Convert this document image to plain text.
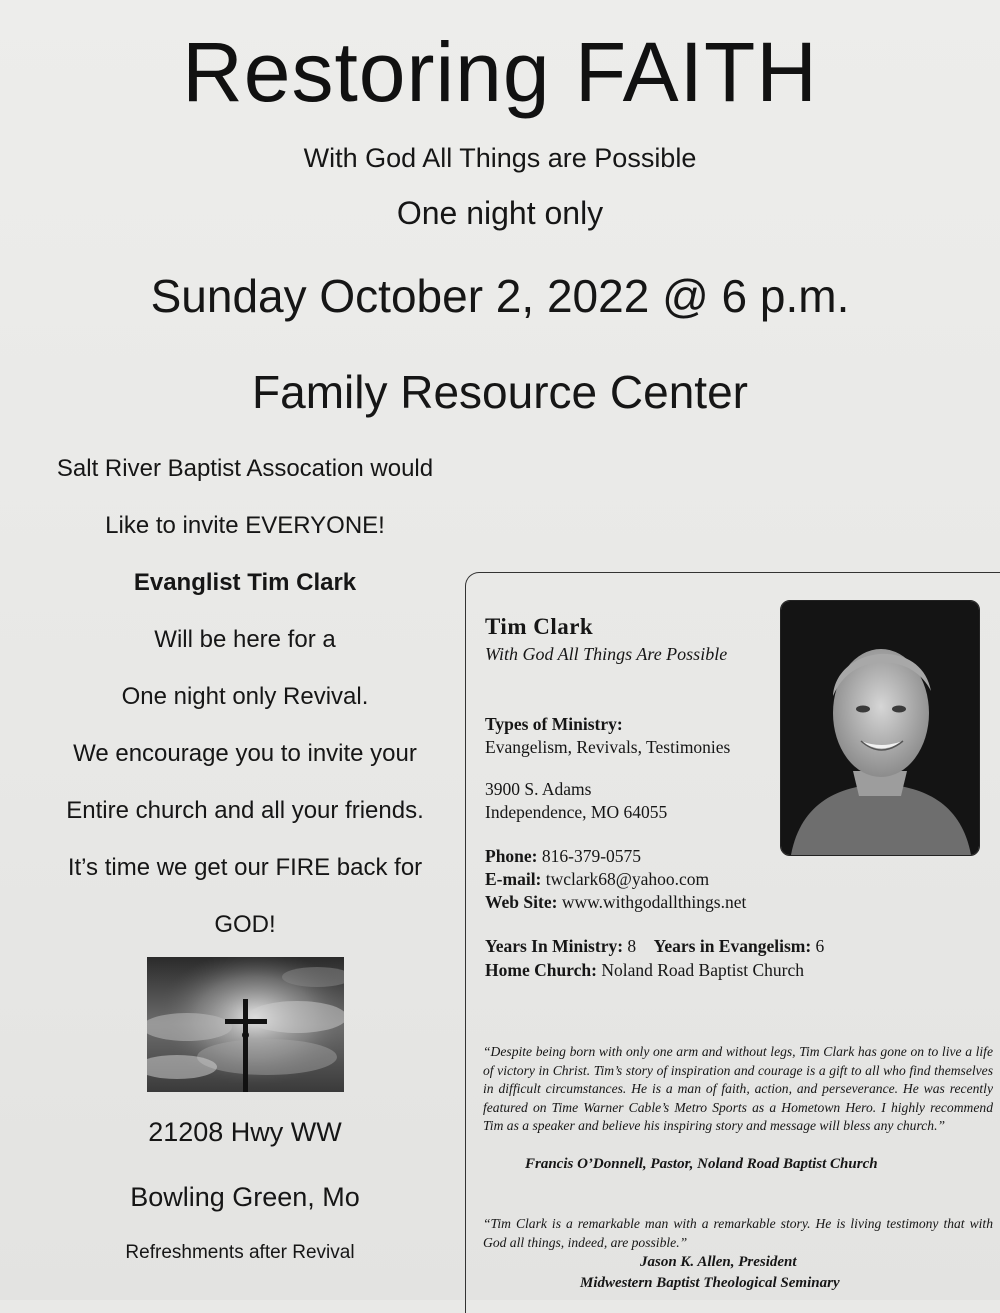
Restoring FAITH
With God All Things are Possible
One night only
Sunday October 2, 2022 @ 6 p.m.
Family Resource Center
Salt River Baptist Assocation would
Like to invite EVERYONE!
Evanglist Tim Clark
Will be here for a
One night only Revival.
We encourage you to invite your
Entire church and all your friends.
It’s time we get our FIRE back for
GOD!
21208 Hwy WW
Bowling Green, Mo
Refreshments after Revival
Tim Clark
With God All Things Are Possible
Types of Ministry:
Evangelism, Revivals, Testimonies
3900 S. Adams
Independence, MO 64055
Phone: 816-379-0575
E-mail: twclark68@yahoo.com
Web Site: www.withgodallthings.net
Years In Ministry: 8 Years in Evangelism: 6
Home Church: Noland Road Baptist Church
“Despite being born with only one arm and without legs, Tim Clark has gone on to live a life of victory in Christ. Tim’s story of inspiration and courage is a gift to all who find themselves in difficult circumstances. He is a man of faith, action, and perseverance. He was recently featured on Time Warner Cable’s Metro Sports as a Hometown Hero. I highly recommend Tim as a speaker and believe his inspiring story and message will bless any church.”
Francis O’Donnell, Pastor, Noland Road Baptist Church
“Tim Clark is a remarkable man with a remarkable story. He is living testimony that with God all things, indeed, are possible.”
Jason K. Allen, President
Midwestern Baptist Theological Seminary
